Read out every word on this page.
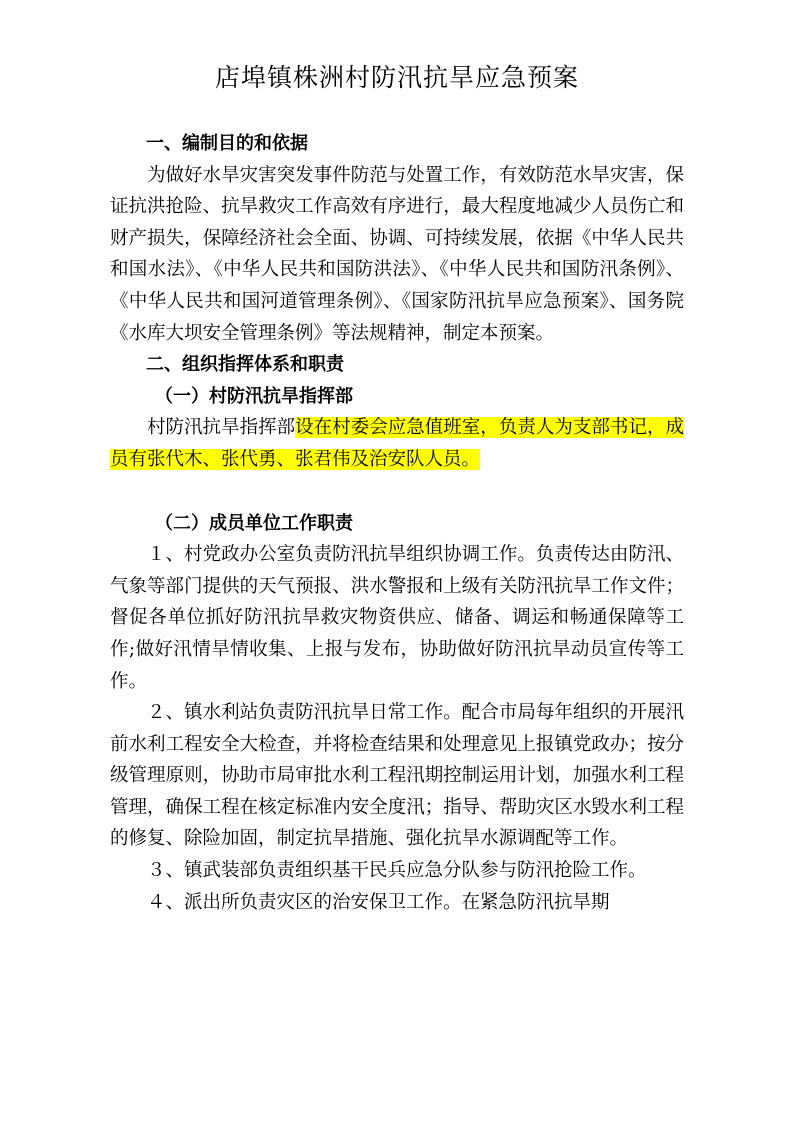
店埠镇株洲村防汛抗旱应急预案

一、编制目的和依据

为做好水旱灾害突发事件防范与处置工作，有效防范水旱灾害，保证抗洪抢险、抗旱救灾工作高效有序进行，最大程度地减少人员伤亡和财产损失，保障经济社会全面、协调、可持续发展，依据《中华人民共和国水法》、《中华人民共和国防洪法》、《中华人民共和国防汛条例》、《中华人民共和国河道管理条例》、《国家防汛抗旱应急预案》、国务院《水库大坝安全管理条例》等法规精神，制定本预案。

二、组织指挥体系和职责

（一）村防汛抗旱指挥部

村防汛抗旱指挥部设在村委会应急值班室，负责人为支部书记，成员有张代木、张代勇、张君伟及治安队人员。

（二）成员单位工作职责

１、村党政办公室负责防汛抗旱组织协调工作。负责传达由防汛、气象等部门提供的天气预报、洪水警报和上级有关防汛抗旱工作文件；督促各单位抓好防汛抗旱救灾物资供应、储备、调运和畅通保障等工作;做好汛情旱情收集、上报与发布，协助做好防汛抗旱动员宣传等工作。

２、镇水利站负责防汛抗旱日常工作。配合市局每年组织的开展汛前水利工程安全大检查，并将检查结果和处理意见上报镇党政办；按分级管理原则，协助市局审批水利工程汛期控制运用计划，加强水利工程管理，确保工程在核定标准内安全度汛；指导、帮助灾区水毁水利工程的修复、除险加固，制定抗旱措施、强化抗旱水源调配等工作。

３、镇武装部负责组织基干民兵应急分队参与防汛抢险工作。

４、派出所负责灾区的治安保卫工作。在紧急防汛抗旱期
